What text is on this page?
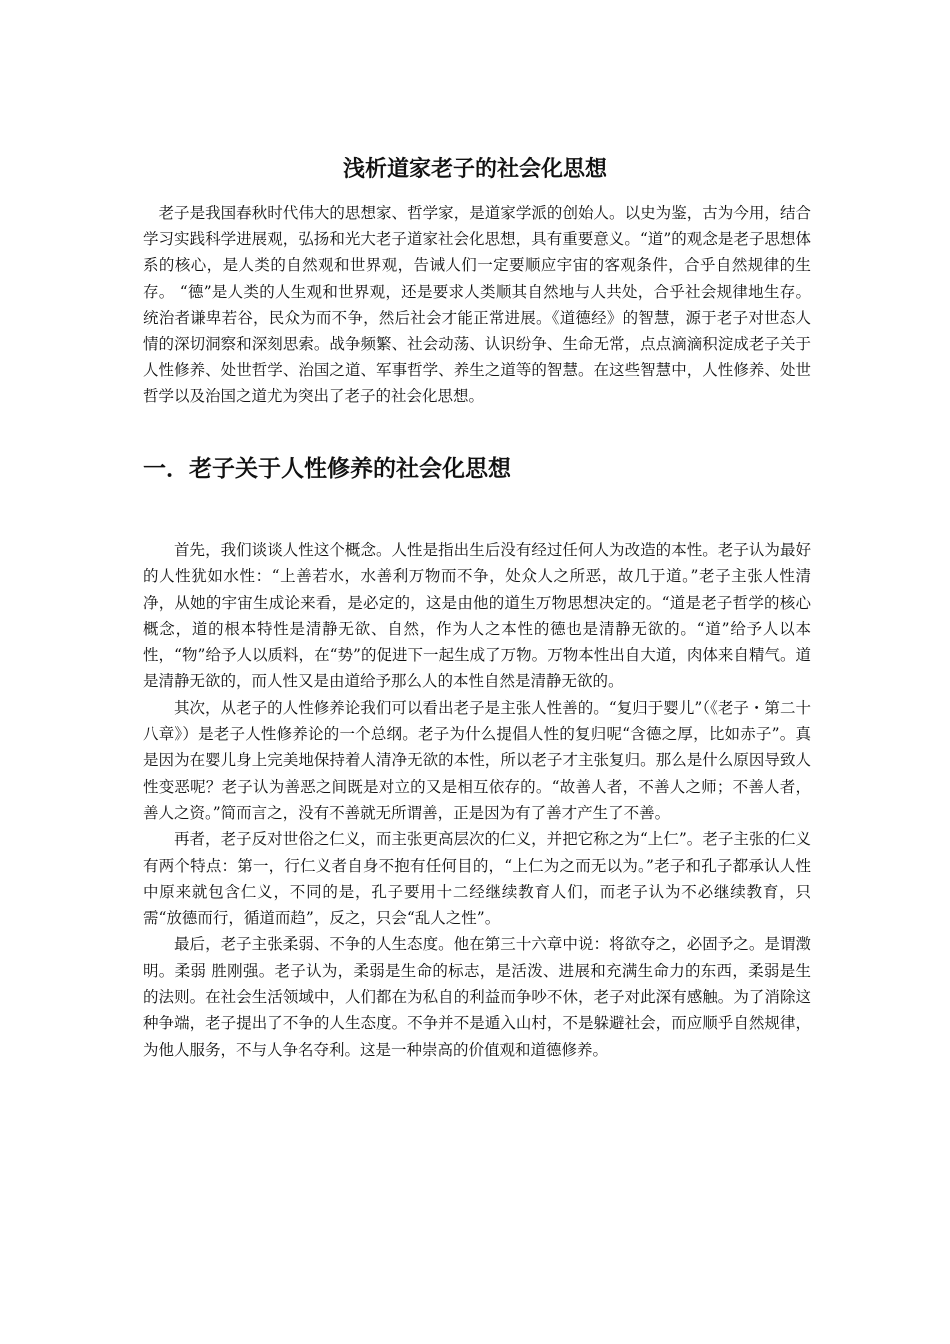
浅析道家老子的社会化思想

老子是我国春秋时代伟大的思想家、哲学家，是道家学派的创始人。以史为鉴，古为今用，结合学习实践科学进展观，弘扬和光大老子道家社会化思想，具有重要意义。“道”的观念是老子思想体系的核心，是人类的自然观和世界观，告诫人们一定要顺应宇宙的客观条件，合乎自然规律的生存。 “德”是人类的人生观和世界观，还是要求人类顺其自然地与人共处，合乎社会规律地生存。统治者谦卑若谷，民众为而不争，然后社会才能正常进展。《道德经》的智慧，源于老子对世态人情的深切洞察和深刻思索。战争频繁、社会动荡、认识纷争、生命无常，点点滴滴积淀成老子关于人性修养、处世哲学、治国之道、军事哲学、养生之道等的智慧。在这些智慧中，人性修养、处世哲学以及治国之道尤为突出了老子的社会化思想。

一．老子关于人性修养的社会化思想

首先，我们谈谈人性这个概念。人性是指出生后没有经过任何人为改造的本性。老子认为最好的人性犹如水性：“上善若水，水善利万物而不争，处众人之所恶，故几于道。”老子主张人性清净，从她的宇宙生成论来看，是必定的，这是由他的道生万物思想决定的。“道是老子哲学的核心概念，道的根本特性是清静无欲、自然，作为人之本性的德也是清静无欲的。“道”给予人以本性，“物”给予人以质料，在“势”的促进下一起生成了万物。万物本性出自大道，肉体来自精气。道是清静无欲的，而人性又是由道给予那么人的本性自然是清静无欲的。

其次，从老子的人性修养论我们可以看出老子是主张人性善的。“复归于婴儿”（《老子・第二十八章》）是老子人性修养论的一个总纲。老子为什么提倡人性的复归呢“含德之厚，比如赤子”。真是因为在婴儿身上完美地保持着人清净无欲的本性，所以老子才主张复归。那么是什么原因导致人性变恶呢？老子认为善恶之间既是对立的又是相互依存的。“故善人者，不善人之师；不善人者，善人之资。”简而言之，没有不善就无所谓善，正是因为有了善才产生了不善。

再者，老子反对世俗之仁义，而主张更高层次的仁义，并把它称之为“上仁”。老子主张的仁义有两个特点：第一，行仁义者自身不抱有任何目的，“上仁为之而无以为。”老子和孔子都承认人性中原来就包含仁义，不同的是，孔子要用十二经继续教育人们，而老子认为不必继续教育，只需“放德而行，循道而趋”，反之，只会“乱人之性”。

最后，老子主张柔弱、不争的人生态度。他在第三十六章中说：将欲夺之，必固予之。是谓澂明。柔弱 胜刚强。老子认为，柔弱是生命的标志，是活泼、进展和充满生命力的东西，柔弱是生的法则。在社会生活领域中，人们都在为私自的利益而争吵不休，老子对此深有感触。为了消除这种争端，老子提出了不争的人生态度。不争并不是遁入山村，不是躲避社会，而应顺乎自然规律，为他人服务，不与人争名夺利。这是一种崇高的价值观和道德修养。
